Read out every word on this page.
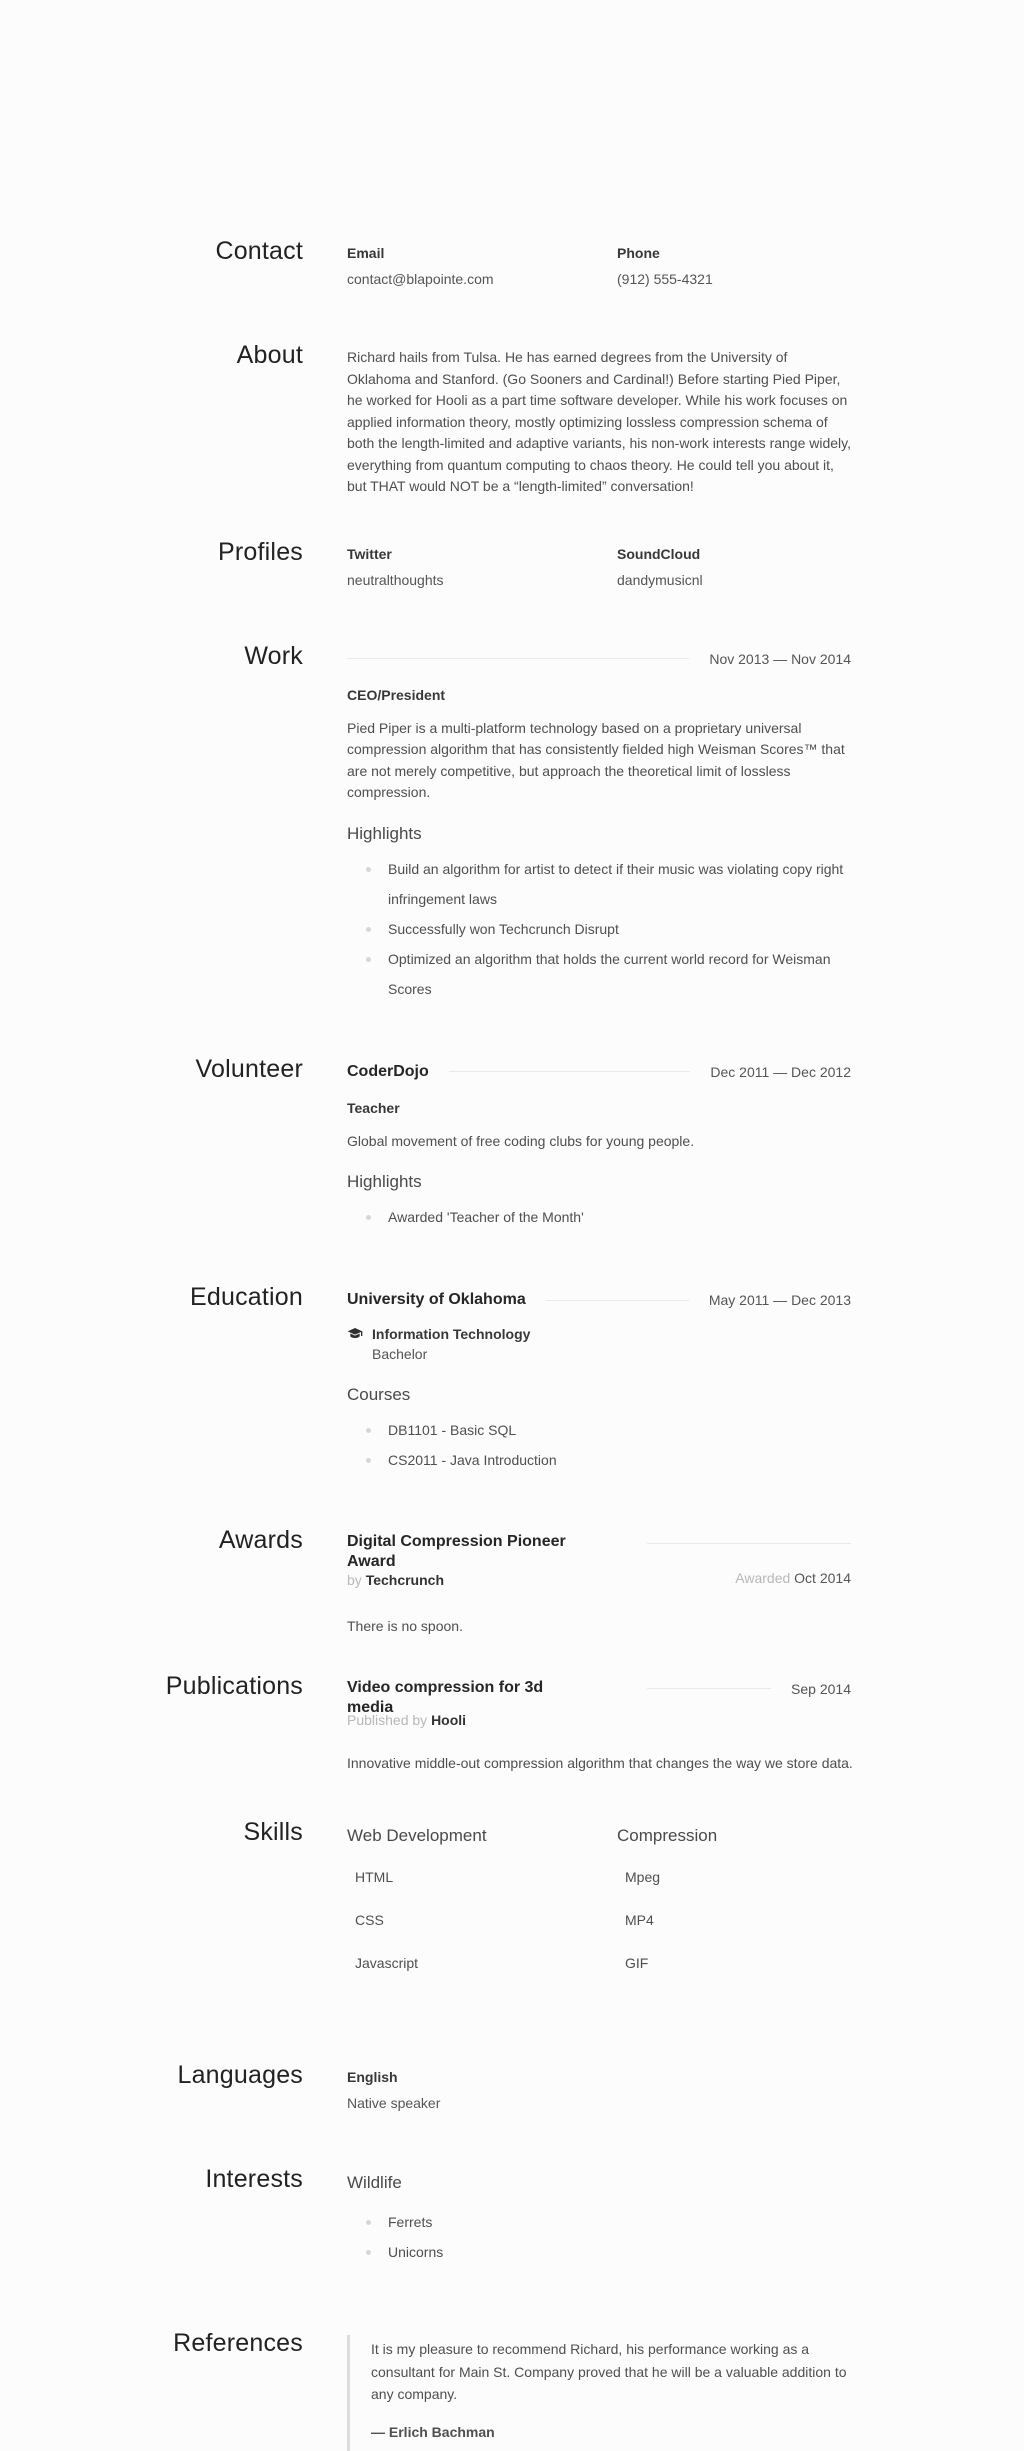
Contact	Email
contact@blapointe.com
Phone
(912) 555-4321
About	Richard hails from Tulsa. He has earned degrees from the University of Oklahoma and Stanford. (Go Sooners and Cardinal!) Before starting Pied Piper, he worked for Hooli as a part time software developer. While his work focuses on applied information theory, mostly optimizing lossless compression schema of both the length-limited and adaptive variants, his non-work interests range widely, everything from quantum computing to chaos theory. He could tell you about it, but THAT would NOT be a “length-limited” conversation!

Profiles	Twitter
neutralthoughts
SoundCloud
dandymusicnl
Work	Nov 2013 — Nov 2014
CEO/President

Pied Piper is a multi-platform technology based on a proprietary universal compression algorithm that has consistently fielded high Weisman Scores™ that are not merely competitive, but approach the theoretical limit of lossless compression.

Highlights
Build an algorithm for artist to detect if their music was violating copy right infringement laws
Successfully won Techcrunch Disrupt
Optimized an algorithm that holds the current world record for Weisman Scores
Volunteer	CoderDojo	Dec 2011 — Dec 2012
Teacher

Global movement of free coding clubs for young people.

Highlights
Awarded 'Teacher of the Month'
Education	University of Oklahoma	May 2011 — Dec 2013
Information Technology
Bachelor
Courses
DB1101 - Basic SQL
CS2011 - Java Introduction
Awards	Digital Compression Pioneer Award
Awarded Oct 2014

by Techcrunch

There is no spoon.

Publications	Video compression for 3d media
Sep 2014

Published by Hooli

Innovative middle-out compression algorithm that changes the way we store data.

Skills	Web Development
HTML
CSS
Javascript
Compression
Mpeg
MP4
GIF
Languages	English
Native speaker
Interests	Wildlife
Ferrets
Unicorns
References	It is my pleasure to recommend Richard, his performance working as a consultant for Main St. Company proved that he will be a valuable addition to any company.

— Erlich Bachman
